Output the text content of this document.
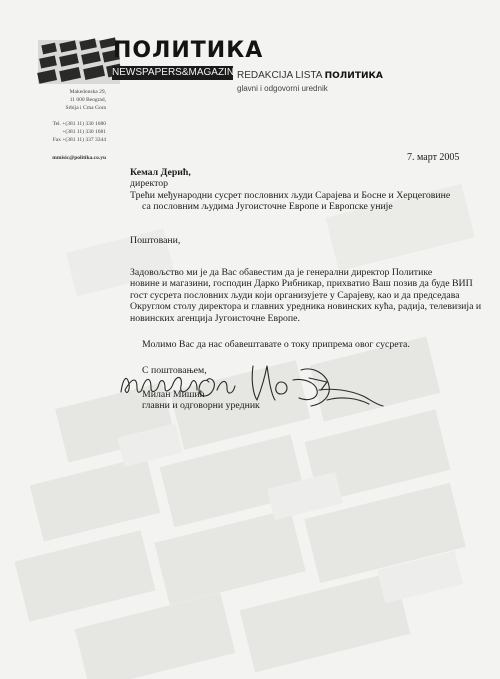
ПОЛИТИКА
NEWSPAPERS&MAGAZINES
REDAKCIJA LISTA ПОЛИТИКА
glavni i odgovorni urednik
Makedonska 29,
11 000 Beograd,
Srbija i Crna Gora
Tel. +(381 11) 330 1680
+(381 11) 330 1681
Fax +(381 11) 337 3344
mmisic@politika.co.yu	7. март 2005

Кемал Дерић,

директор

Трећи међународни сусрет пословних људи Сарајева и Босне и Херцеговине

са пословним људима Југоисточне Европе и Европске уније

Поштовани,

Задовољство ми је да Вас обавестим да је генерални директор Политике

новине и магазини, господин Дарко Рибникар, прихватио Ваш позив да буде ВИП

гост сусрета пословних људи који организујете у Сарајеву, као и да председава

Округлом столу директора и главних уредника новинских кућа, радија, телевизија и

новинских агенција Југоисточне Европе.

Молимо Вас да нас обавештавате о току припрема овог сусрета.

С поштовањем,

Милан Мишић
главни и одговорни уредник
